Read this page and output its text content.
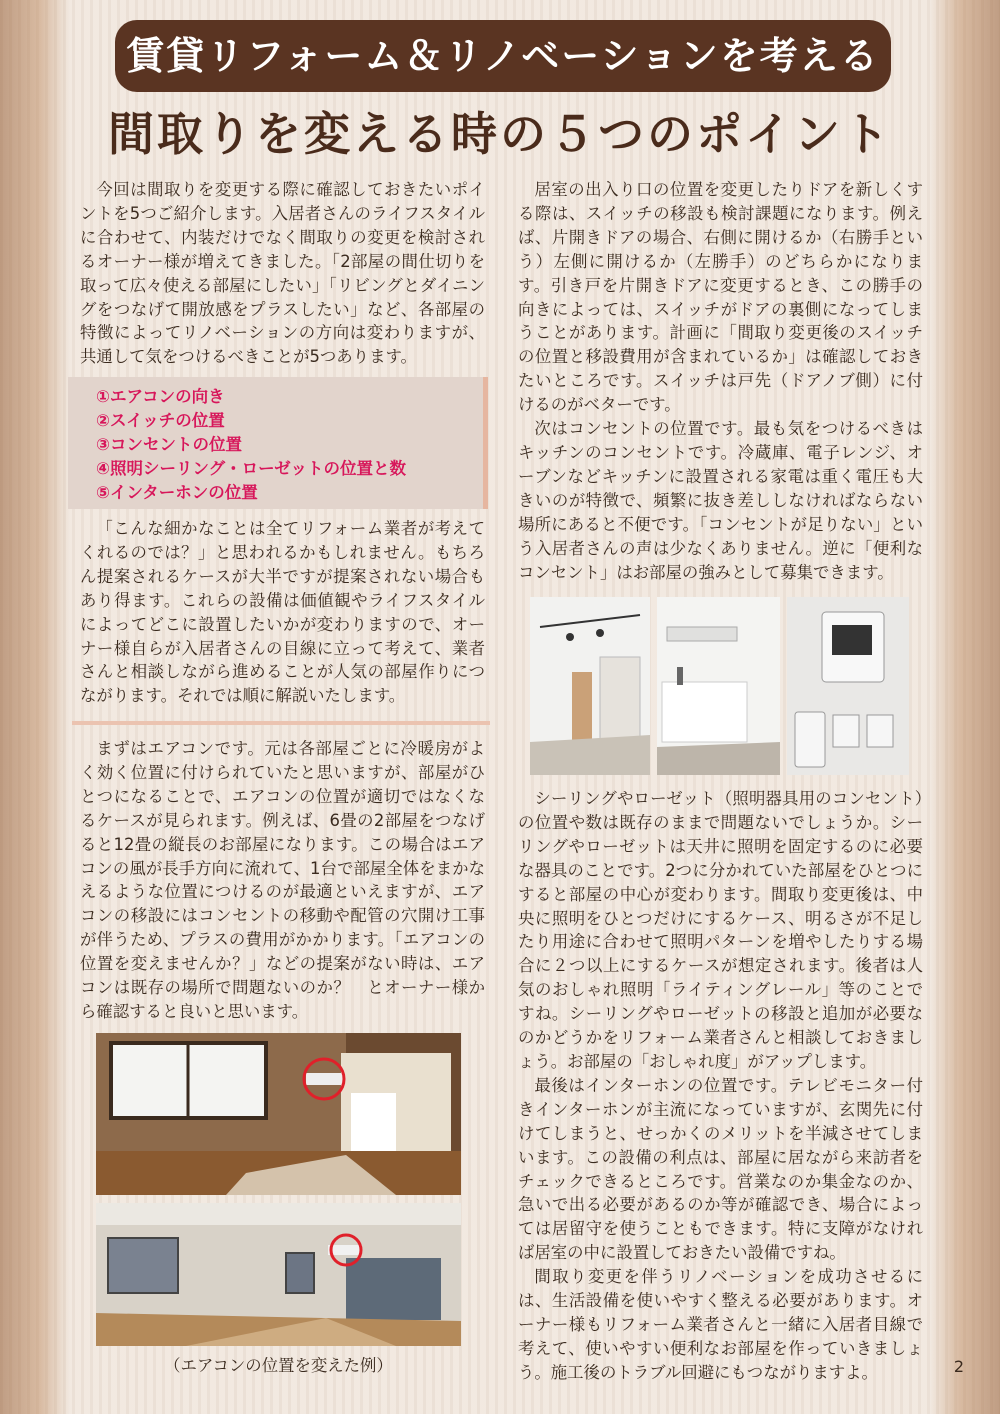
賃貸リフォーム＆リノベーションを考える
間取りを変える時の５つのポイント

今回は間取りを変更する際に確認しておきたいポイントを5つご紹介します。入居者さんのライフスタイルに合わせて、内装だけでなく間取りの変更を検討されるオーナー様が増えてきました。「2部屋の間仕切りを取って広々使える部屋にしたい」「リビングとダイニングをつなげて開放感をプラスしたい」など、各部屋の特徴によってリノベーションの方向は変わりますが、共通して気をつけるべきことが5つあります。

①エアコンの向き
②スイッチの位置
③コンセントの位置
④照明シーリング・ローゼットの位置と数
⑤インターホンの位置

「こんな細かなことは全てリフォーム業者が考えてくれるのでは？」と思われるかもしれません。もちろん提案されるケースが大半ですが提案されない場合もあり得ます。これらの設備は価値観やライフスタイルによってどこに設置したいかが変わりますので、オーナー様自らが入居者さんの目線に立って考えて、業者さんと相談しながら進めることが人気の部屋作りにつながります。それでは順に解説いたします。

まずはエアコンです。元は各部屋ごとに冷暖房がよく効く位置に付けられていたと思いますが、部屋がひとつになることで、エアコンの位置が適切ではなくなるケースが見られます。例えば、6畳の2部屋をつなげると12畳の縦長のお部屋になります。この場合はエアコンの風が長手方向に流れて、1台で部屋全体をまかなえるような位置につけるのが最適といえますが、エアコンの移設にはコンセントの移動や配管の穴開け工事が伴うため、プラスの費用がかかります。「エアコンの位置を変えませんか？」などの提案がない時は、エアコンは既存の場所で問題ないのか？　とオーナー様から確認すると良いと思います。

（エアコンの位置を変えた例）

居室の出入り口の位置を変更したりドアを新しくする際は、スイッチの移設も検討課題になります。例えば、片開きドアの場合、右側に開けるか（右勝手という）左側に開けるか（左勝手）のどちらかになります。引き戸を片開きドアに変更するとき、この勝手の向きによっては、スイッチがドアの裏側になってしまうことがあります。計画に「間取り変更後のスイッチの位置と移設費用が含まれているか」は確認しておきたいところです。スイッチは戸先（ドアノブ側）に付けるのがベターです。

次はコンセントの位置です。最も気をつけるべきはキッチンのコンセントです。冷蔵庫、電子レンジ、オーブンなどキッチンに設置される家電は重く電圧も大きいのが特徴で、頻繁に抜き差ししなければならない場所にあると不便です。「コンセントが足りない」という入居者さんの声は少なくありません。逆に「便利なコンセント」はお部屋の強みとして募集できます。

シーリングやローゼット（照明器具用のコンセント）の位置や数は既存のままで問題ないでしょうか。シーリングやローゼットは天井に照明を固定するのに必要な器具のことです。2つに分かれていた部屋をひとつにすると部屋の中心が変わります。間取り変更後は、中央に照明をひとつだけにするケース、明るさが不足したり用途に合わせて照明パターンを増やしたりする場合に２つ以上にするケースが想定されます。後者は人気のおしゃれ照明「ライティングレール」等のことですね。シーリングやローゼットの移設と追加が必要なのかどうかをリフォーム業者さんと相談しておきましょう。お部屋の「おしゃれ度」がアップします。

最後はインターホンの位置です。テレビモニター付きインターホンが主流になっていますが、玄関先に付けてしまうと、せっかくのメリットを半減させてしまいます。この設備の利点は、部屋に居ながら来訪者をチェックできるところです。営業なのか集金なのか、急いで出る必要があるのか等が確認でき、場合によっては居留守を使うこともできます。特に支障がなければ居室の中に設置しておきたい設備ですね。

間取り変更を伴うリノベーションを成功させるには、生活設備を使いやすく整える必要があります。オーナー様もリフォーム業者さんと一緒に入居者目線で考えて、使いやすい便利なお部屋を作っていきましょう。施工後のトラブル回避にもつながりますよ。	2
